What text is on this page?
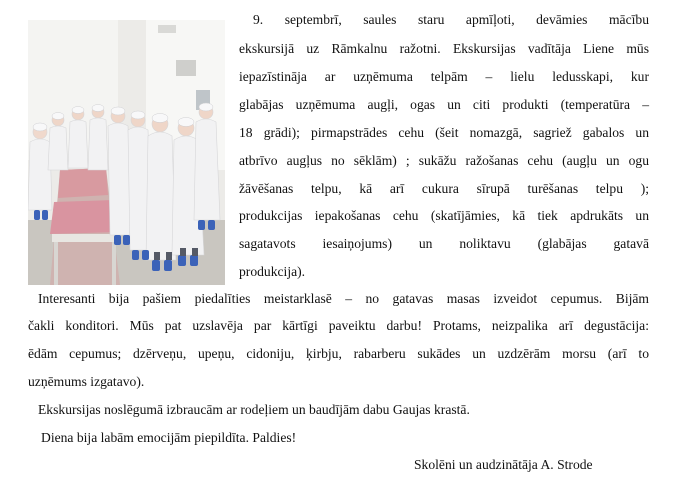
9. septembrī, saules staru apmīļoti, devāmies mācību
ekskursijā uz Rāmkalnu ražotni. Ekskursijas vadītāja Liene mūs
iepazīstināja ar uzņēmuma telpām – lielu ledusskapi, kur
glabājas uzņēmuma augļi, ogas un citi produkti (temperatūra –
18 grādi); pirmapstrādes cehu (šeit nomazgā, sagriež gabalos un
atbrīvo augļus no sēklām) ; sukāžu ražošanas cehu (augļu un ogu
žāvēšanas telpu, kā arī cukura sīrupā turēšanas telpu );
produkcijas iepakošanas cehu (skatījāmies, kā tiek apdrukāts un
sagatavots iesaiņojums) un noliktavu (glabājas gatavā
produkcija).
Interesanti bija pašiem piedalīties meistarklasē – no gatavas masas izveidot cepumus. Bijām
čakli konditori. Mūs pat uzslavēja par kārtīgi paveiktu darbu! Protams, neizpalika arī degustācija:
ēdām cepumus; dzērveņu, upeņu, cidoniju, ķirbju, rabarberu sukādes un uzdzērām morsu (arī to
uzņēmums izgatavo).
Ekskursijas noslēgumā izbraucām ar rodeļiem un baudījām dabu Gaujas krastā.
Diena bija labām emocijām piepildīta. Paldies!
Skolēni un audzinātāja A. Strode
